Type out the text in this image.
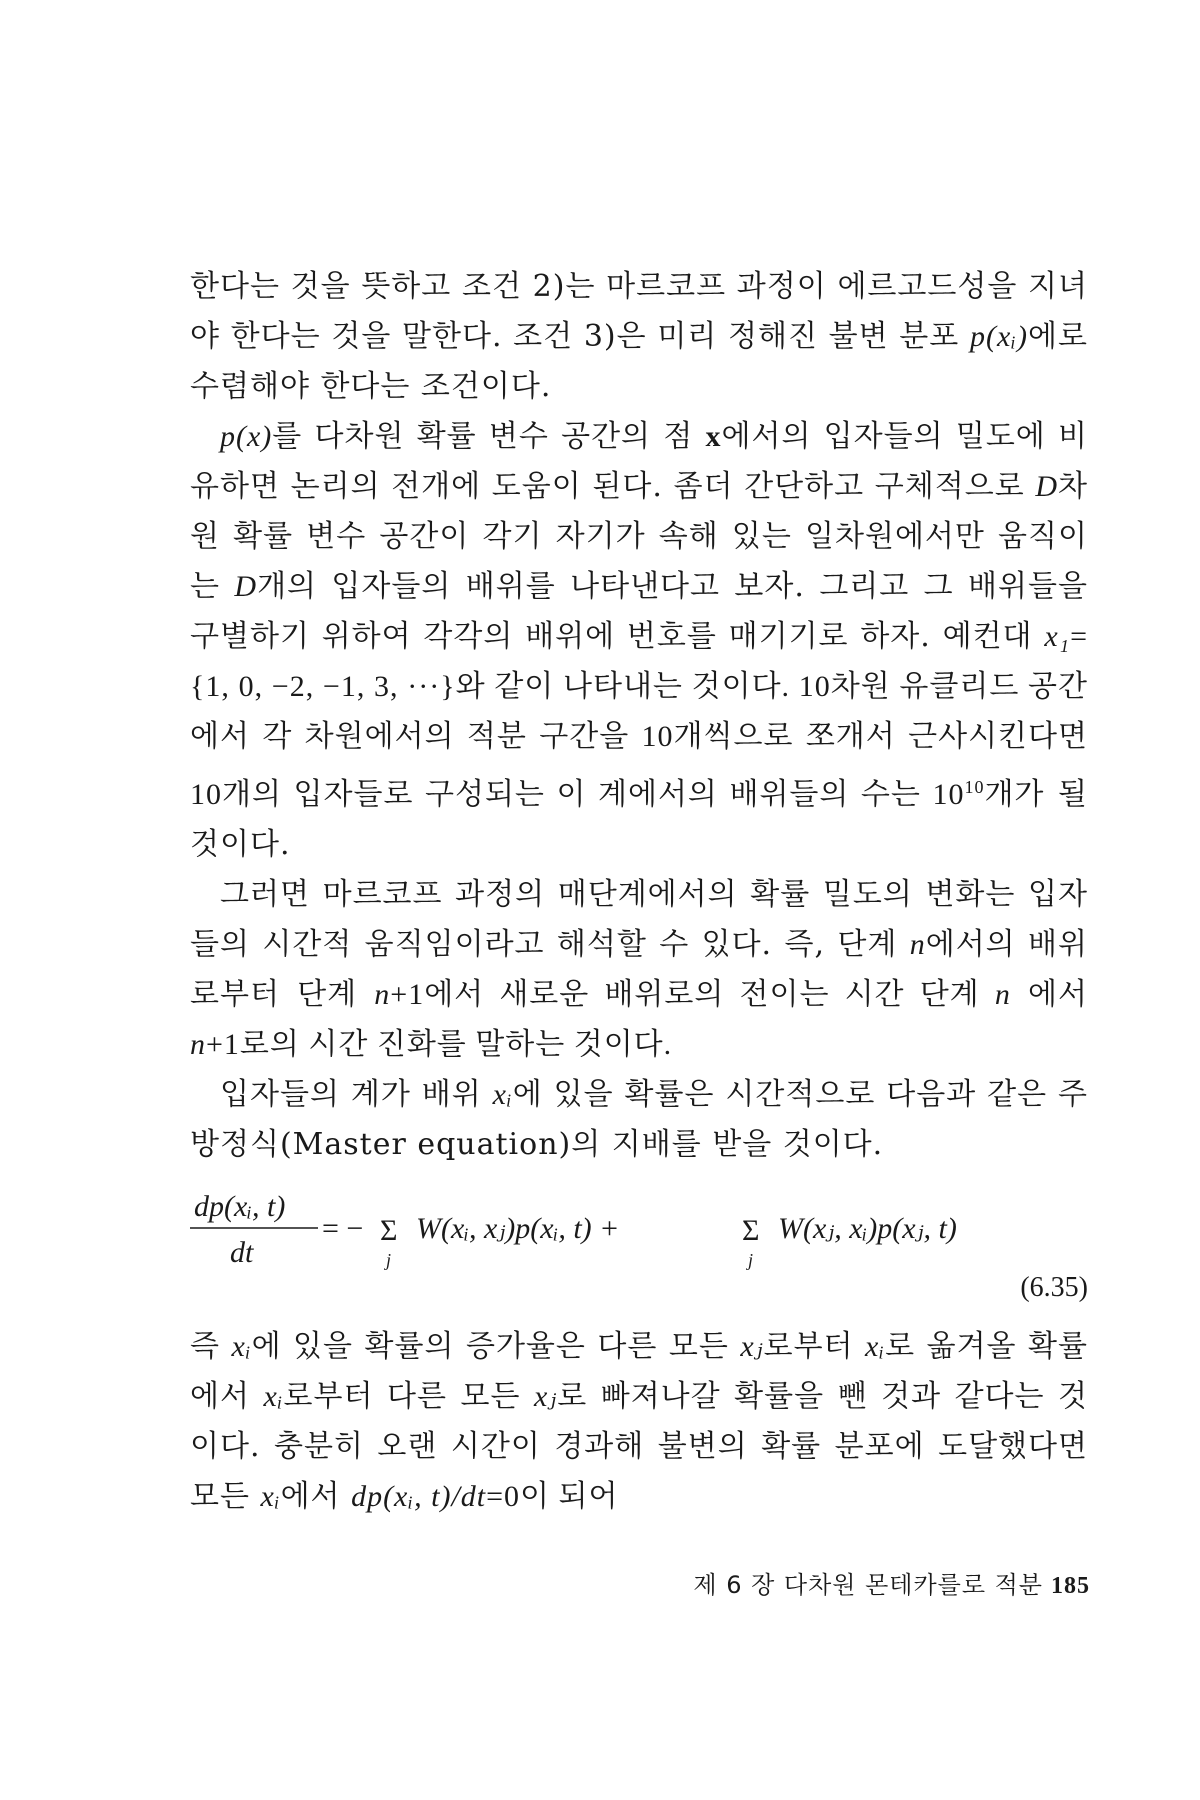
한다는 것을 뜻하고 조건 2)는 마르코프 과정이 에르고드성을 지녀야 한다는 것을 말한다. 조건 3)은 미리 정해진 불변 분포 p(xᵢ)에로 수렴해야 한다는 조건이다.

p(x)를 다차원 확률 변수 공간의 점 x에서의 입자들의 밀도에 비유하면 논리의 전개에 도움이 된다. 좀더 간단하고 구체적으로 D차원 확률 변수 공간이 각기 자기가 속해 있는 일차원에서만 움직이는 D개의 입자들의 배위를 나타낸다고 보자. 그리고 그 배위들을 구별하기 위하여 각각의 배위에 번호를 매기기로 하자. 예컨대 x₁={1, 0, −2, −1, 3, ···}와 같이 나타내는 것이다. 10차원 유클리드 공간에서 각 차원에서의 적분 구간을 10개씩으로 쪼개서 근사시킨다면 10개의 입자들로 구성되는 이 계에서의 배위들의 수는 $10^{10}$개가 될 것이다.

그러면 마르코프 과정의 매단계에서의 확률 밀도의 변화는 입자들의 시간적 움직임이라고 해석할 수 있다. 즉, 단계 n에서의 배위로부터 단계 n+1에서 새로운 배위로의 전이는 시간 단계 n 에서 n+1로의 시간 진화를 말하는 것이다.

입자들의 계가 배위 xᵢ에 있을 확률은 시간적으로 다음과 같은 주방정식(Master equation)의 지배를 받을 것이다.

dp(xᵢ, t)
dt
= − Σ
j
W(xᵢ, xⱼ)p(xᵢ, t) +	Σ
j
W(xⱼ, xᵢ)p(xⱼ, t)
(6.35)

즉 xᵢ에 있을 확률의 증가율은 다른 모든 xⱼ로부터 xᵢ로 옮겨올 확률에서 xᵢ로부터 다른 모든 xⱼ로 빠져나갈 확률을 뺀 것과 같다는 것이다. 충분히 오랜 시간이 경과해 불변의 확률 분포에 도달했다면 모든 xᵢ에서 dp(xᵢ, t)/dt=0이 되어

제 6 장 다차원 몬테카를로 적분 185
